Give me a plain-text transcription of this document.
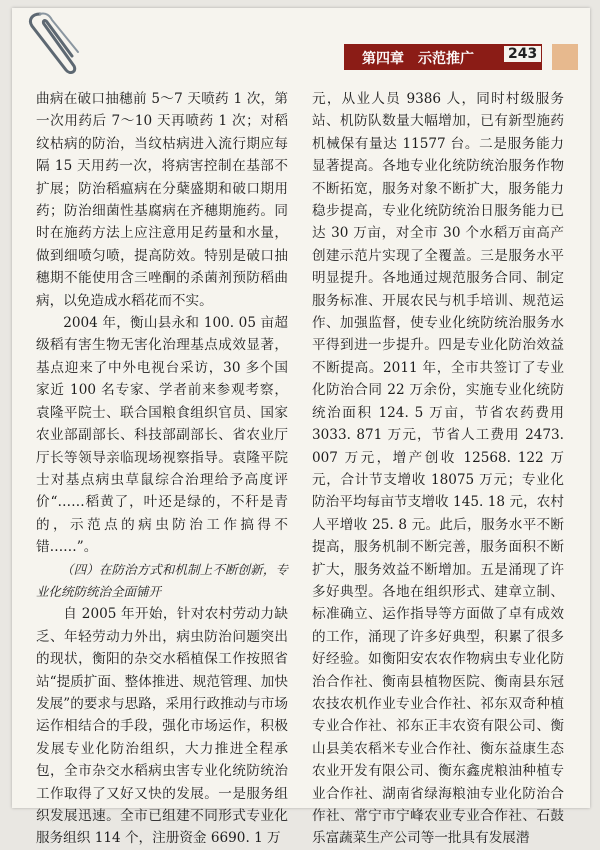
第四章　示范推广 243

曲病在破口抽穗前 5～7 天喷药 1 次，第一次用药后 7～10 天再喷药 1 次；对稻纹枯病的防治，当纹枯病进入流行期应每隔 15 天用药一次，将病害控制在基部不扩展；防治稻瘟病在分蘖盛期和破口期用药；防治细菌性基腐病在齐穗期施药。同时在施药方法上应注意用足药量和水量，做到细喷匀喷，提高防效。特别是破口抽穗期不能使用含三唑酮的杀菌剂预防稻曲病，以免造成水稻花而不实。

2004 年，衡山县永和 100. 05 亩超级稻有害生物无害化治理基点成效显著，基点迎来了中外电视台采访，30 多个国家近 100 名专家、学者前来参观考察，袁隆平院士、联合国粮食组织官员、国家农业部副部长、科技部副部长、省农业厅厅长等领导亲临现场视察指导。袁隆平院士对基点病虫草鼠综合治理给予高度评价“……稻黄了，叶还是绿的，不秆是青的，示范点的病虫防治工作搞得不错……”。

（四）在防治方式和机制上不断创新，专业化统防统治全面铺开

自 2005 年开始，针对农村劳动力缺乏、年轻劳动力外出，病虫防治问题突出的现状，衡阳的杂交水稻植保工作按照省站“提质扩面、整体推进、规范管理、加快发展”的要求与思路，采用行政推动与市场运作相结合的手段，强化市场运作，积极发展专业化防治组织，大力推进全程承包，全市杂交水稻病虫害专业化统防统治工作取得了又好又快的发展。一是服务组织发展迅速。全市已组建不同形式专业化服务组织 114 个，注册资金 6690. 1 万

元，从业人员 9386 人，同时村级服务站、机防队数量大幅增加，已有新型施药机械保有量达 11577 台。二是服务能力显著提高。各地专业化统防统治服务作物不断拓宽，服务对象不断扩大，服务能力稳步提高，专业化统防统治日服务能力已达 30 万亩，对全市 30 个水稻万亩高产创建示范片实现了全覆盖。三是服务水平明显提升。各地通过规范服务合同、制定服务标准、开展农民与机手培训、规范运作、加强监督，使专业化统防统治服务水平得到进一步提升。四是专业化防治效益不断提高。2011 年，全市共签订了专业化防治合同 22 万余份，实施专业化统防统治面积 124. 5 万亩，节省农药费用 3033. 871 万元，节省人工费用 2473. 007 万元，增产创收 12568. 122 万元，合计节支增收 18075 万元；专业化防治平均每亩节支增收 145. 18 元，农村人平增收 25. 8 元。此后，服务水平不断提高，服务机制不断完善，服务面积不断扩大，服务效益不断增加。五是涌现了许多好典型。各地在组织形式、建章立制、标准确立、运作指导等方面做了卓有成效的工作，涌现了许多好典型，积累了很多好经验。如衡阳安农农作物病虫专业化防治合作社、衡南县植物医院、衡南县东冠农技农机作业专业合作社、祁东双奇种植专业合作社、祁东正丰农资有限公司、衡山县美农稻米专业合作社、衡东益康生态农业开发有限公司、衡东鑫虎粮油种植专业合作社、湖南省绿海粮油专业化防治合作社、常宁市宁峰农业专业合作社、石鼓乐富蔬菜生产公司等一批具有发展潜
